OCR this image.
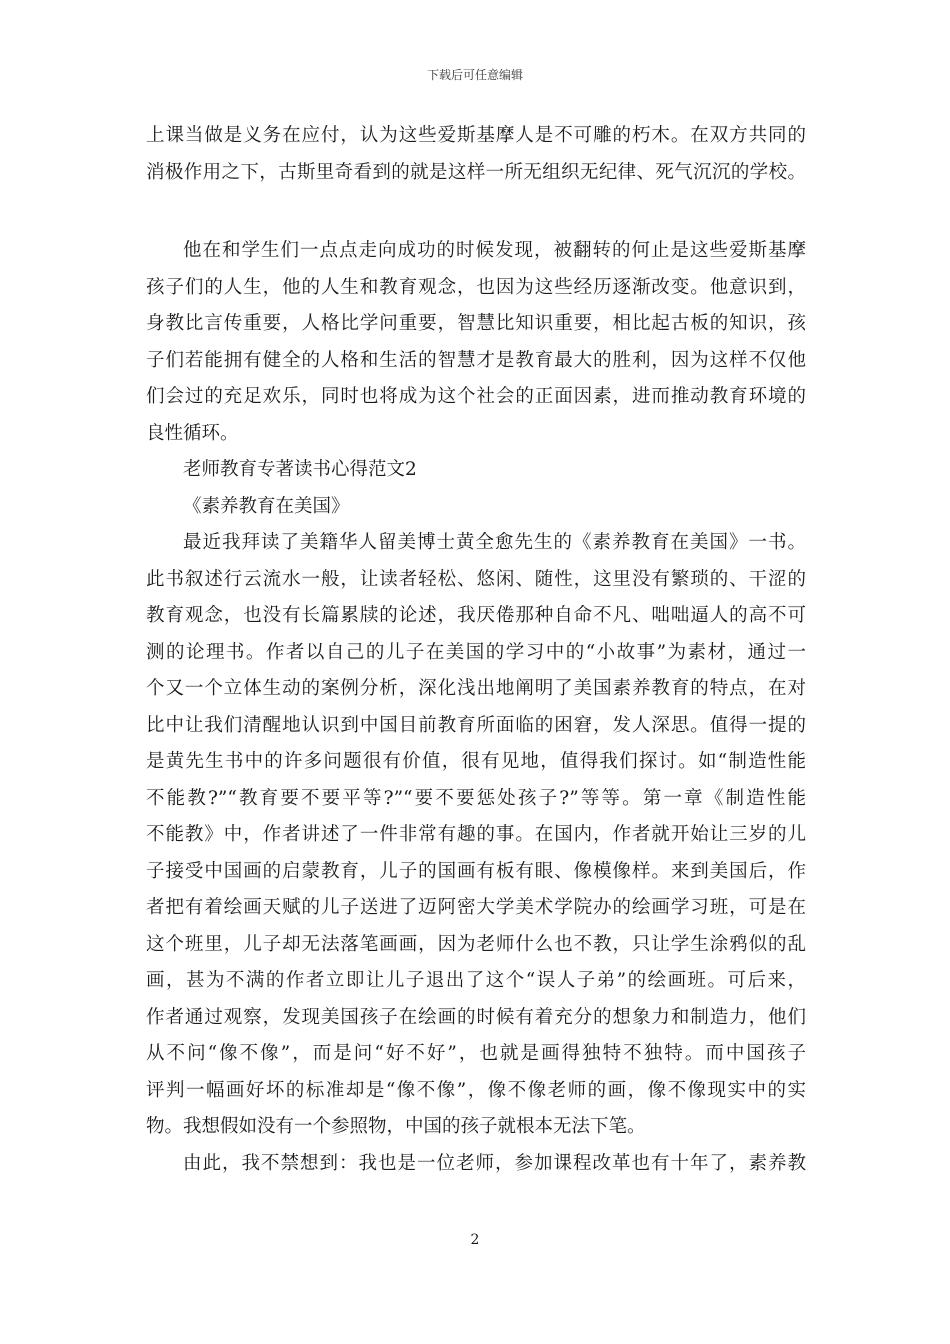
下载后可任意编辑
上课当做是义务在应付，认为这些爱斯基摩人是不可雕的朽木。在双方共同的
消极作用之下，古斯里奇看到的就是这样一所无组织无纪律、死气沉沉的学校。
他在和学生们一点点走向成功的时候发现，被翻转的何止是这些爱斯基摩
孩子们的人生，他的人生和教育观念，也因为这些经历逐渐改变。他意识到，
身教比言传重要，人格比学问重要，智慧比知识重要，相比起古板的知识，孩
子们若能拥有健全的人格和生活的智慧才是教育最大的胜利，因为这样不仅他
们会过的充足欢乐，同时也将成为这个社会的正面因素，进而推动教育环境的
良性循环。
老师教育专著读书心得范文2
《素养教育在美国》
最近我拜读了美籍华人留美博士黄全愈先生的《素养教育在美国》一书。
此书叙述行云流水一般，让读者轻松、悠闲、随性，这里没有繁琐的、干涩的
教育观念，也没有长篇累牍的论述，我厌倦那种自命不凡、咄咄逼人的高不可
测的论理书。作者以自己的儿子在美国的学习中的“小故事”为素材，通过一
个又一个立体生动的案例分析，深化浅出地阐明了美国素养教育的特点，在对
比中让我们清醒地认识到中国目前教育所面临的困窘，发人深思。值得一提的
是黄先生书中的许多问题很有价值，很有见地，值得我们探讨。如“制造性能
不能教?”“教育要不要平等?”“要不要惩处孩子?”等等。第一章《制造性能
不能教》中，作者讲述了一件非常有趣的事。在国内，作者就开始让三岁的儿
子接受中国画的启蒙教育，儿子的国画有板有眼、像模像样。来到美国后，作
者把有着绘画天赋的儿子送进了迈阿密大学美术学院办的绘画学习班，可是在
这个班里，儿子却无法落笔画画，因为老师什么也不教，只让学生涂鸦似的乱
画，甚为不满的作者立即让儿子退出了这个“误人子弟”的绘画班。可后来，
作者通过观察，发现美国孩子在绘画的时候有着充分的想象力和制造力，他们
从不问“像不像”，而是问“好不好”，也就是画得独特不独特。而中国孩子
评判一幅画好坏的标准却是“像不像”，像不像老师的画，像不像现实中的实
物。我想假如没有一个参照物，中国的孩子就根本无法下笔。
由此，我不禁想到：我也是一位老师，参加课程改革也有十年了，素养教
2
